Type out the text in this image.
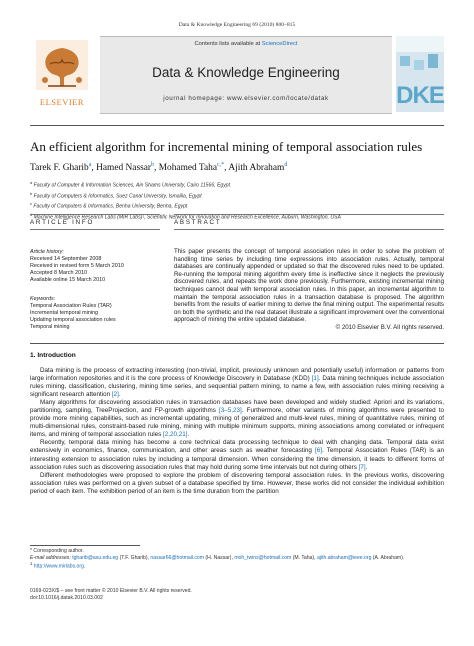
Data & Knowledge Engineering 69 (2010) 800–815
ELSEVIER
Contents lists available at ScienceDirect
Data & Knowledge Engineering
journal homepage: www.elsevier.com/locate/datak	DKE
An efficient algorithm for incremental mining of temporal association rules
Tarek F. Gharib$^a$, Hamed Nassar$^b$, Mohamed Taha$^{c,*}$, Ajith Abraham$^d$
$^a$ Faculty of Computer & Information Sciences, Ain Shams University, Cairo 11566, Egypt
$^b$ Faculty of Computers & Informatics, Suez Canal University, Ismailia, Egypt
$^c$ Faculty of Computers & Informatics, Benha University, Benha, Egypt
$^d$ Machine Intelligence Research Labs (MIR Labs)¹, Scientific Network for Innovation and Research Excellence, Auburn, Washington, USA
ARTICLE INFO	ABSTRACT
Article history:
Received 14 September 2008
Received in revised form 5 March 2010
Accepted 8 March 2010
Available online 15 March 2010
Keywords:
Temporal Association Rules (TAR)
Incremental temporal mining
Updating temporal association rules
Temporal mining
This paper presents the concept of temporal association rules in order to solve the problem of handling time series by including time expressions into association rules. Actually, temporal databases are continually appended or updated so that the discovered rules need to be updated. Re-running the temporal mining algorithm every time is ineffective since it neglects the previously discovered rules, and repeats the work done previously. Furthermore, existing incremental mining techniques cannot deal with temporal association rules. In this paper, an incremental algorithm to maintain the temporal association rules in a transaction database is proposed. The algorithm benefits from the results of earlier mining to derive the final mining output. The experimental results on both the synthetic and the real dataset illustrate a significant improvement over the conventional approach of mining the entire updated database.
© 2010 Elsevier B.V. All rights reserved.
1. Introduction

Data mining is the process of extracting interesting (non-trivial, implicit, previously unknown and potentially useful) information or patterns from large information repositories and it is the core process of Knowledge Discovery in Database (KDD) [1]. Data mining techniques include association rules mining, classification, clustering, mining time series, and sequential pattern mining, to name a few, with association rules mining receiving a significant research attention [2].

Many algorithms for discovering association rules in transaction databases have been developed and widely studied: Apriori and its variations, partitioning, sampling, TreeProjection, and FP-growth algorithms [3–5,23]. Furthermore, other variants of mining algorithms were presented to provide more mining capabilities, such as incremental updating, mining of generalized and multi-level rules, mining of quantitative rules, mining of multi-dimensional rules, constraint-based rule mining, mining with multiple minimum supports, mining associations among correlated or infrequent items, and mining of temporal association rules [2,20,21].

Recently, temporal data mining has become a core technical data processing technique to deal with changing data. Temporal data exist extensively in economics, finance, communication, and other areas such as weather forecasting [6]. Temporal Association Rules (TAR) is an interesting extension to association rules by including a temporal dimension. When considering the time dimension, it leads to different forms of association rules such as discovering association rules that may hold during some time intervals but not during others [7].

Different methodologies were proposed to explore the problem of discovering temporal association rules. In the previous works, discovering association rules was performed on a given subset of a database specified by time. However, these works did not consider the individual exhibition period of each item. The exhibition period of an item is the time duration from the partition

* Corresponding author.
E-mail addresses: tgharib@asu.edu.eg (T.F. Gharib), nassar66@hotmail.com (H. Nassar), moh_twins@hotmail.com (M. Taha), ajith.abraham@ieee.org (A. Abraham).
$^1$ http://www.mirlabs.org.
0169-023X/$ – see front matter © 2010 Elsevier B.V. All rights reserved.
doi:10.1016/j.datak.2010.03.002
